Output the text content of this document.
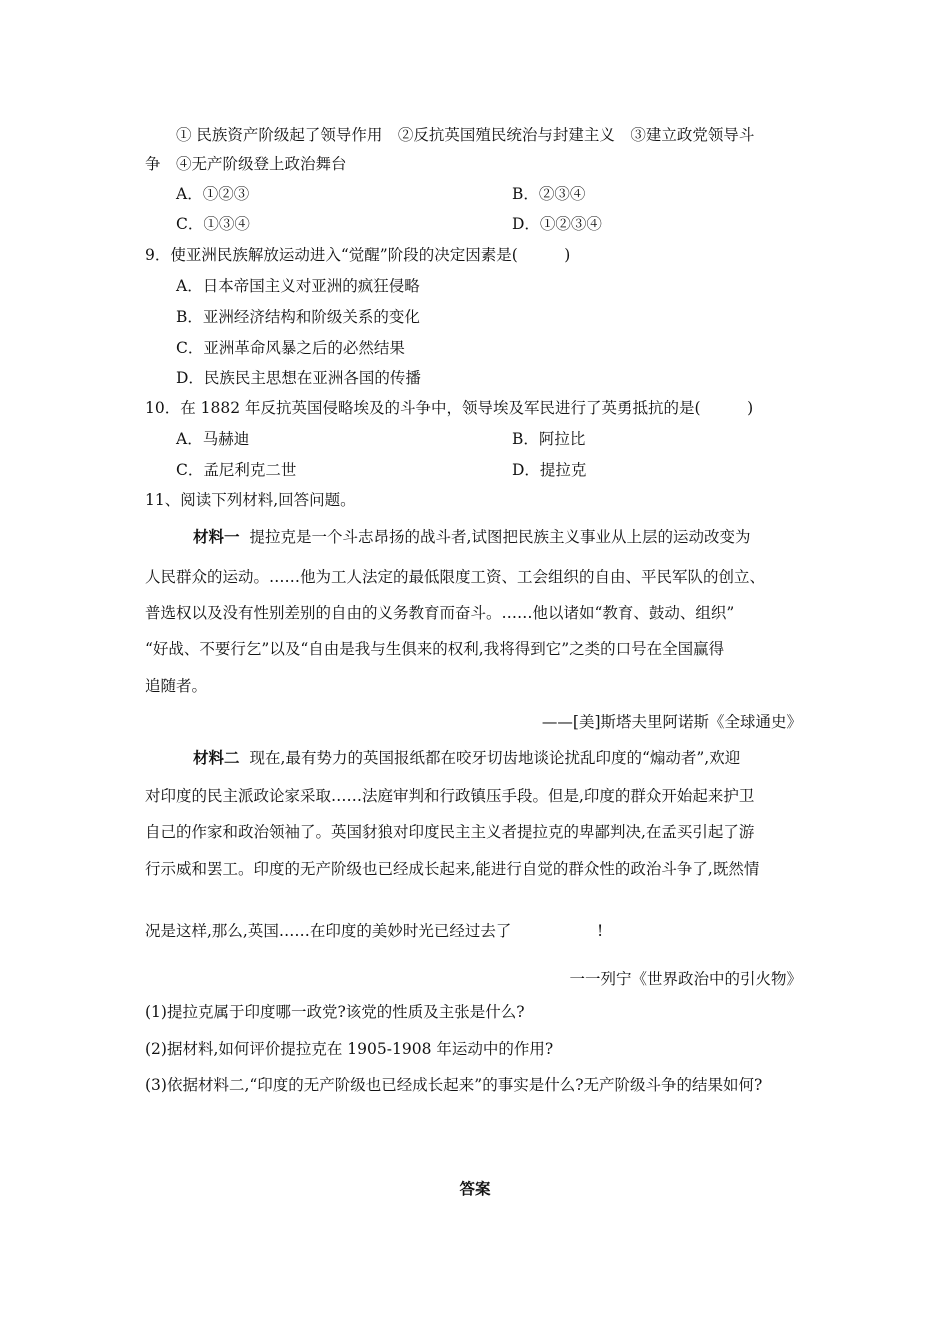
① 民族资产阶级起了领导作用　②反抗英国殖民统治与封建主义　③建立政党领导斗
争　④无产阶级登上政治舞台
A．①②③	B．②③④
C．①③④	D．①②③④
9．使亚洲民族解放运动进入“觉醒”阶段的决定因素是(　　　)
A．日本帝国主义对亚洲的疯狂侵略
B．亚洲经济结构和阶级关系的变化
C．亚洲革命风暴之后的必然结果
D．民族民主思想在亚洲各国的传播
10．在 1882 年反抗英国侵略埃及的斗争中，领导埃及军民进行了英勇抵抗的是(　　　)
A．马赫迪	B．阿拉比
C．孟尼利克二世	D．提拉克
11、阅读下列材料,回答问题。
材料一 提拉克是一个斗志昂扬的战斗者,试图把民族主义事业从上层的运动改变为
人民群众的运动。……他为工人法定的最低限度工资、工会组织的自由、平民军队的创立、
普选权以及没有性别差别的自由的义务教育而奋斗。……他以诸如“教育、鼓动、组织”
“好战、不要行乞”以及“自由是我与生俱来的权利,我将得到它”之类的口号在全国赢得
追随者。
——[美]斯塔夫里阿诺斯《全球通史》
材料二 现在,最有势力的英国报纸都在咬牙切齿地谈论扰乱印度的“煽动者”,欢迎
对印度的民主派政论家采取……法庭审判和行政镇压手段。但是,印度的群众开始起来护卫
自己的作家和政治领袖了。英国豺狼对印度民主主义者提拉克的卑鄙判决,在孟买引起了游
行示威和罢工。印度的无产阶级也已经成长起来,能进行自觉的群众性的政治斗争了,既然情
况是这样,那么,英国……在印度的美妙时光已经过去了	!
一一列宁《世界政治中的引火物》
(1)提拉克属于印度哪一政党?该党的性质及主张是什么?
(2)据材料,如何评价提拉克在 1905-1908 年运动中的作用?
(3)依据材料二,“印度的无产阶级也已经成长起来”的事实是什么?无产阶级斗争的结果如何?
答案
